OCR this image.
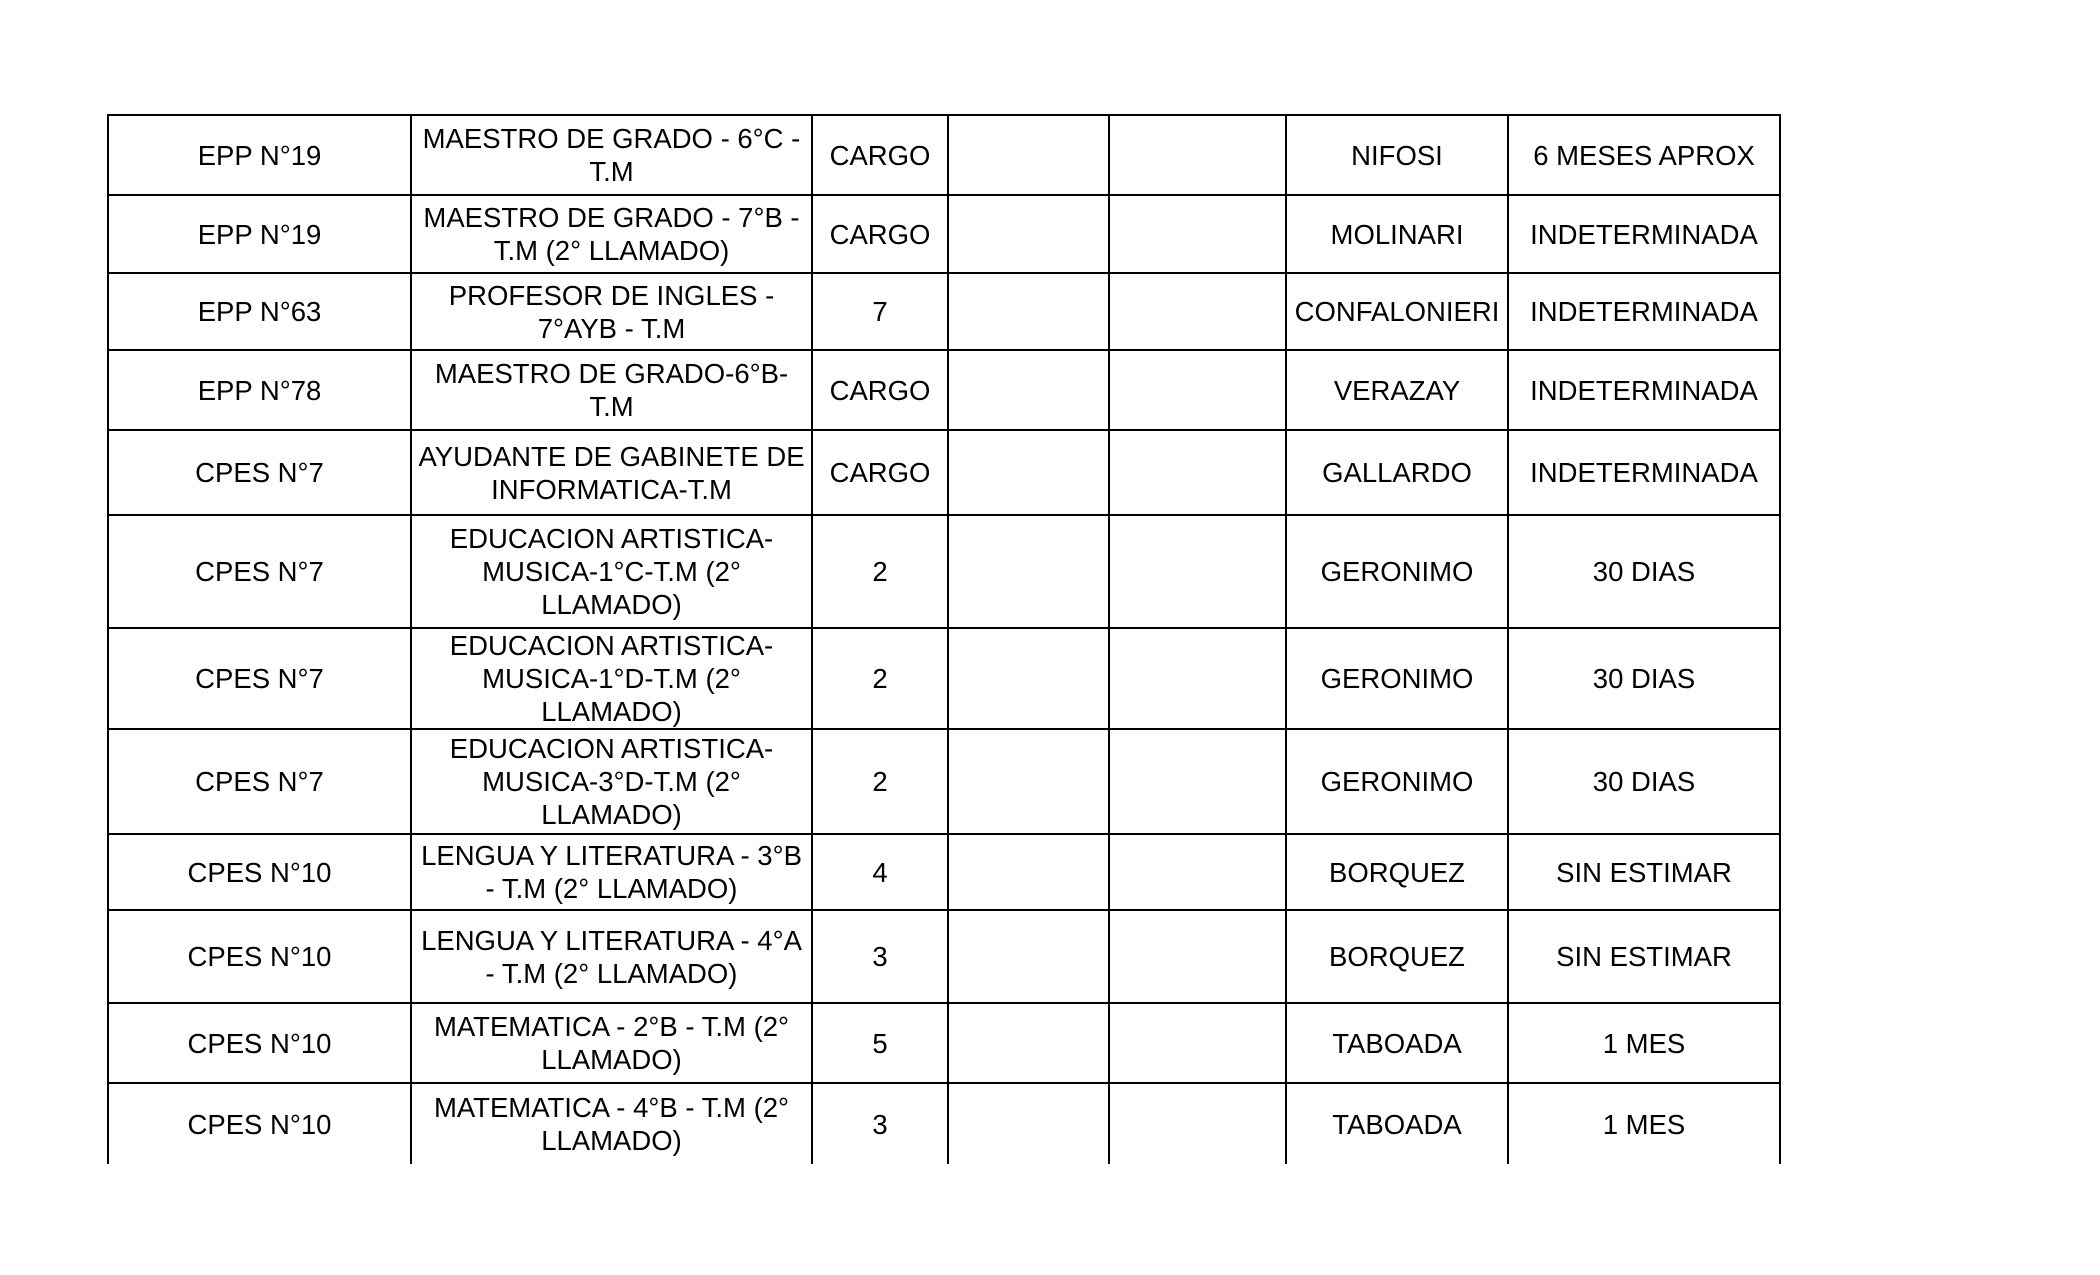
EPP N°19	MAESTRO DE GRADO - 6°C - T.M	CARGO			NIFOSI	6 MESES APROX
EPP N°19	MAESTRO DE GRADO - 7°B - T.M (2° LLAMADO)	CARGO			MOLINARI	INDETERMINADA
EPP N°63	PROFESOR DE INGLES - 7°AYB - T.M	7			CONFALONIERI	INDETERMINADA
EPP N°78	MAESTRO DE GRADO-6°B-T.M	CARGO			VERAZAY	INDETERMINADA
CPES N°7	AYUDANTE DE GABINETE DE INFORMATICA-T.M	CARGO			GALLARDO	INDETERMINADA
CPES N°7	EDUCACION ARTISTICA-MUSICA-1°C-T.M (2° LLAMADO)	2			GERONIMO	30 DIAS
CPES N°7	EDUCACION ARTISTICA-MUSICA-1°D-T.M (2° LLAMADO)	2			GERONIMO	30 DIAS
CPES N°7	EDUCACION ARTISTICA-MUSICA-3°D-T.M (2° LLAMADO)	2			GERONIMO	30 DIAS
CPES N°10	LENGUA Y LITERATURA - 3°B - T.M (2° LLAMADO)	4			BORQUEZ	SIN ESTIMAR
CPES N°10	LENGUA Y LITERATURA - 4°A - T.M (2° LLAMADO)	3			BORQUEZ	SIN ESTIMAR
CPES N°10	MATEMATICA - 2°B - T.M (2° LLAMADO)	5			TABOADA	1 MES
CPES N°10	MATEMATICA - 4°B - T.M (2° LLAMADO)	3			TABOADA	1 MES
